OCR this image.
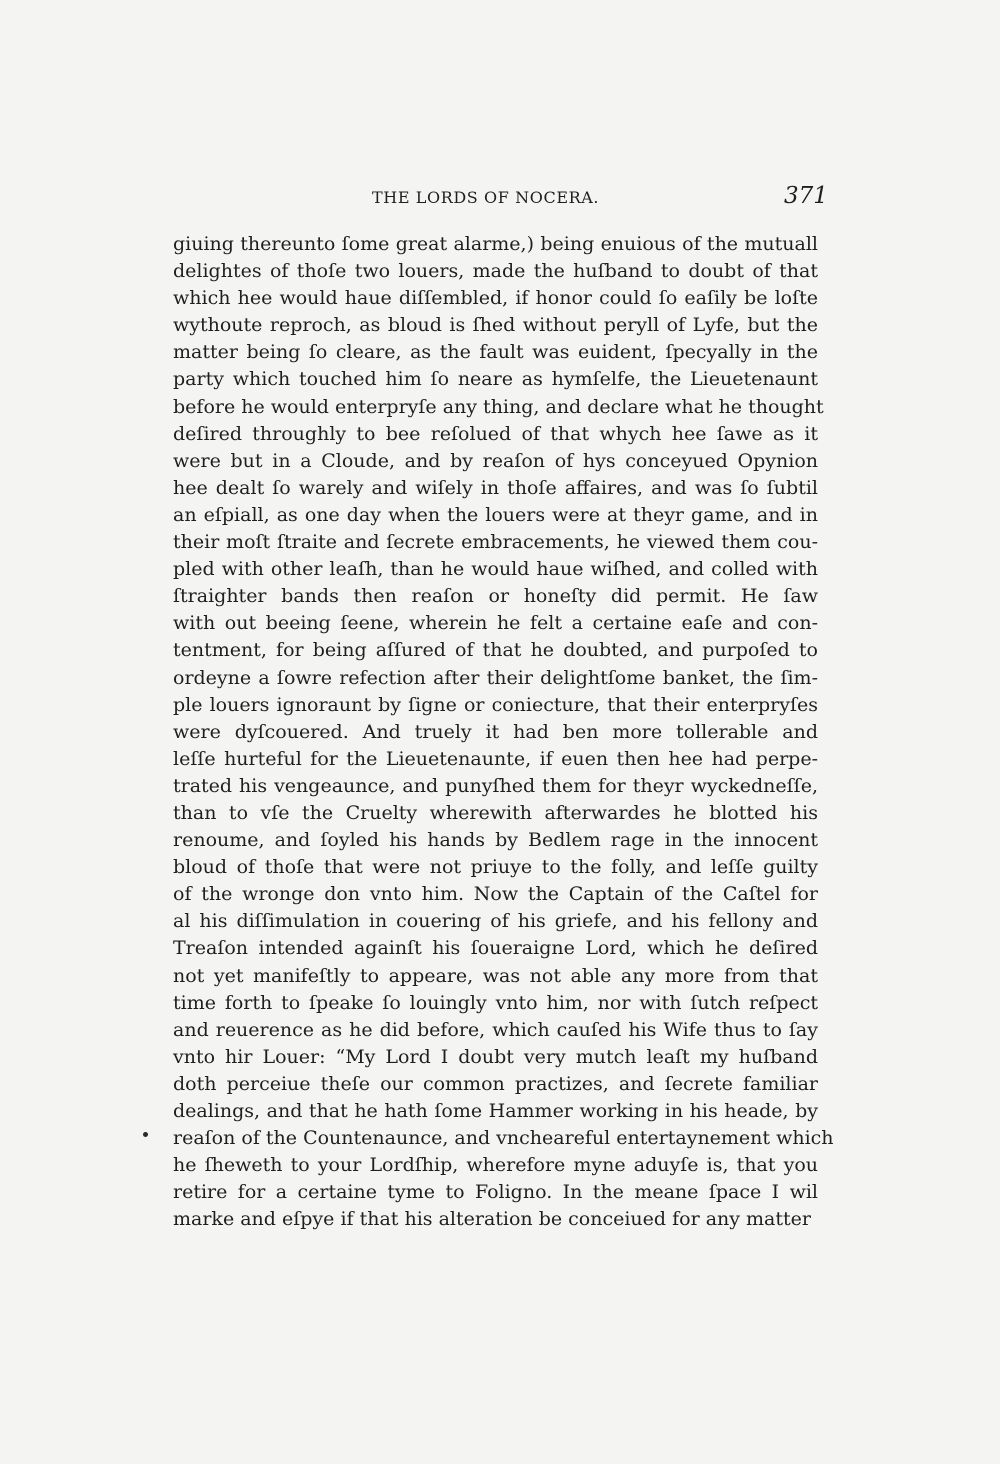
THE LORDS OF NOCERA.	371
giuing thereunto ſome great alarme,) being enuious of the mutuall
delightes of thoſe two louers, made the huſband to doubt of that
which hee would haue diſſembled, if honor could ſo eaſily be loſte
wythoute reproch, as bloud is ſhed without peryll of Lyfe, but the
matter being ſo cleare, as the fault was euident, ſpecyally in the
party which touched him ſo neare as hymſelfe, the Lieuetenaunt
before he would enterpryſe any thing, and declare what he thought
deſired throughly to bee reſolued of that whych hee ſawe as it
were but in a Cloude, and by reaſon of hys conceyued Opynion
hee dealt ſo warely and wiſely in thoſe affaires, and was ſo ſubtil
an eſpiall, as one day when the louers were at theyr game, and in
their moſt ſtraite and ſecrete embracements, he viewed them cou-
pled with other leaſh, than he would haue wiſhed, and colled with
ſtraighter bands then reaſon or honeſty did permit. He ſaw
with out beeing ſeene, wherein he felt a certaine eaſe and con-
tentment, for being aſſured of that he doubted, and purpoſed to
ordeyne a ſowre refection after their delightſome banket, the ſim-
ple louers ignoraunt by ſigne or coniecture, that their enterpryſes
were dyſcouered. And truely it had ben more tollerable and
leſſe hurteful for the Lieuetenaunte, if euen then hee had perpe-
trated his vengeaunce, and punyſhed them for theyr wyckedneſſe,
than to vſe the Cruelty wherewith afterwardes he blotted his
renoume, and ſoyled his hands by Bedlem rage in the innocent
bloud of thoſe that were not priuye to the folly, and leſſe guilty
of the wronge don vnto him. Now the Captain of the Caſtel for
al his diſſimulation in couering of his griefe, and his fellony and
Treaſon intended againſt his ſoueraigne Lord, which he deſired
not yet manifeſtly to appeare, was not able any more from that
time forth to ſpeake ſo louingly vnto him, nor with ſutch reſpect
and reuerence as he did before, which cauſed his Wife thus to ſay
vnto hir Louer: “My Lord I doubt very mutch leaſt my huſband
doth perceiue theſe our common practizes, and ſecrete familiar
dealings, and that he hath ſome Hammer working in his heade, by
reaſon of the Countenaunce, and vncheareful entertaynement which
he ſheweth to your Lordſhip, wherefore myne aduyſe is, that you
retire for a certaine tyme to Foligno. In the meane ſpace I wil
marke and eſpye if that his alteration be conceiued for any matter
